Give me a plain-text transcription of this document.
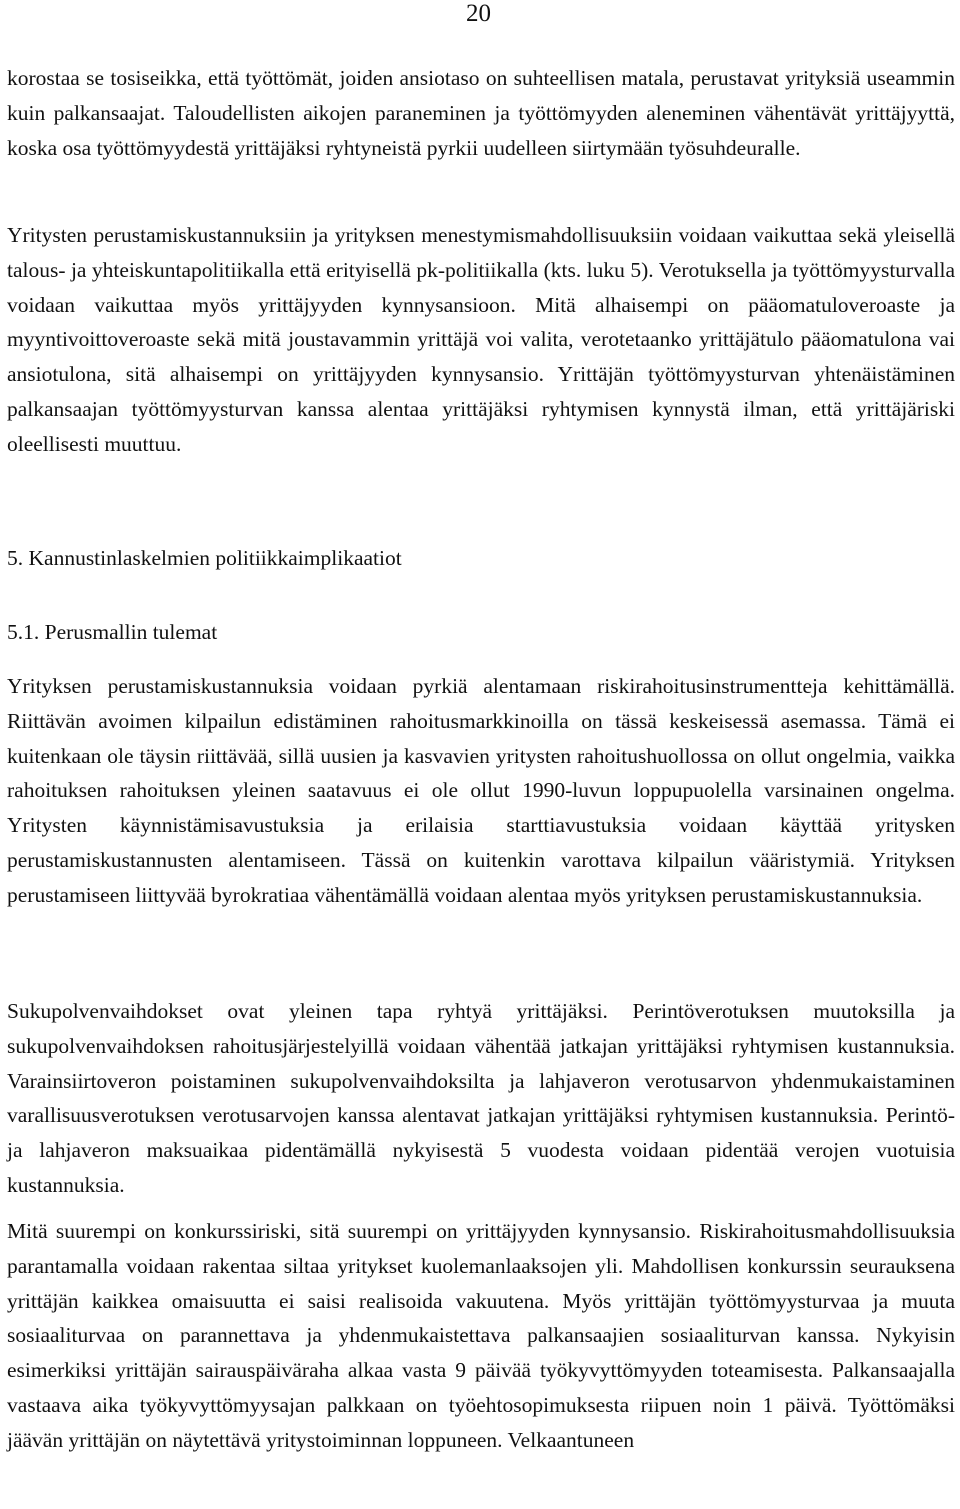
20

korostaa se tosiseikka, että työttömät, joiden ansiotaso on suhteellisen matala, perustavat yrityksiä useammin kuin palkansaajat. Taloudellisten aikojen paraneminen ja työttömyyden aleneminen vähentävät yrittäjyyttä, koska osa työttömyydestä yrittäjäksi ryhtyneistä pyrkii uudelleen siirtymään työsuhdeuralle.

Yritysten perustamiskustannuksiin ja yrityksen menestymismahdollisuuksiin voidaan vaikuttaa sekä yleisellä talous- ja yhteiskuntapolitiikalla että erityisellä pk-politiikalla (kts. luku 5). Verotuksella ja työttömyysturvalla voidaan vaikuttaa myös yrittäjyyden kynnysansioon. Mitä alhaisempi on pääomatuloveroaste ja myyntivoittoveroaste sekä mitä joustavammin yrittäjä voi valita, verotetaanko yrittäjätulo pääomatulona vai ansiotulona, sitä alhaisempi on yrittäjyyden kynnysansio. Yrittäjän työttömyysturvan yhtenäistäminen palkansaajan työttömyysturvan kanssa alentaa yrittäjäksi ryhtymisen kynnystä ilman, että yrittäjäriski oleellisesti muuttuu.

5. Kannustinlaskelmien politiikkaimplikaatiot
5.1. Perusmallin tulemat

Yrityksen perustamiskustannuksia voidaan pyrkiä alentamaan riskirahoitusinstrumentteja kehittämällä. Riittävän avoimen kilpailun edistäminen rahoitusmarkkinoilla on tässä keskeisessä asemassa. Tämä ei kuitenkaan ole täysin riittävää, sillä uusien ja kasvavien yritysten rahoitushuollossa on ollut ongelmia, vaikka rahoituksen rahoituksen yleinen saatavuus ei ole ollut 1990-luvun loppupuolella varsinainen ongelma. Yritysten käynnistämisavustuksia ja erilaisia starttiavustuksia voidaan käyttää yritysken perustamiskustannusten alentamiseen. Tässä on kuitenkin varottava kilpailun vääristymiä. Yrityksen perustamiseen liittyvää byrokratiaa vähentämällä voidaan alentaa myös yrityksen perustamiskustannuksia.

Sukupolvenvaihdokset ovat yleinen tapa ryhtyä yrittäjäksi. Perintöverotuksen muutoksilla ja sukupolvenvaihdoksen rahoitusjärjestelyillä voidaan vähentää jatkajan yrittäjäksi ryhtymisen kustannuksia. Varainsiirtoveron poistaminen sukupolvenvaihdoksilta ja lahjaveron verotusarvon yhdenmukaistaminen varallisuusverotuksen verotusarvojen kanssa alentavat jatkajan yrittäjäksi ryhtymisen kustannuksia. Perintö- ja lahjaveron maksuaikaa pidentämällä nykyisestä 5 vuodesta voidaan pidentää verojen vuotuisia kustannuksia.

Mitä suurempi on konkurssiriski, sitä suurempi on yrittäjyyden kynnysansio. Riskirahoitusmahdollisuuksia parantamalla voidaan rakentaa siltaa yritykset kuolemanlaaksojen yli. Mahdollisen konkurssin seurauksena yrittäjän kaikkea omaisuutta ei saisi realisoida vakuutena. Myös yrittäjän työttömyysturvaa ja muuta sosiaaliturvaa on parannettava ja yhdenmukaistettava palkansaajien sosiaaliturvan kanssa. Nykyisin esimerkiksi yrittäjän sairauspäiväraha alkaa vasta 9 päivää työkyvyttömyyden toteamisesta. Palkansaajalla vastaava aika työkyvyttömyysajan palkkaan on työehtosopimuksesta riipuen noin 1 päivä. Työttömäksi jäävän yrittäjän on näytettävä yritystoiminnan loppuneen. Velkaantuneen
